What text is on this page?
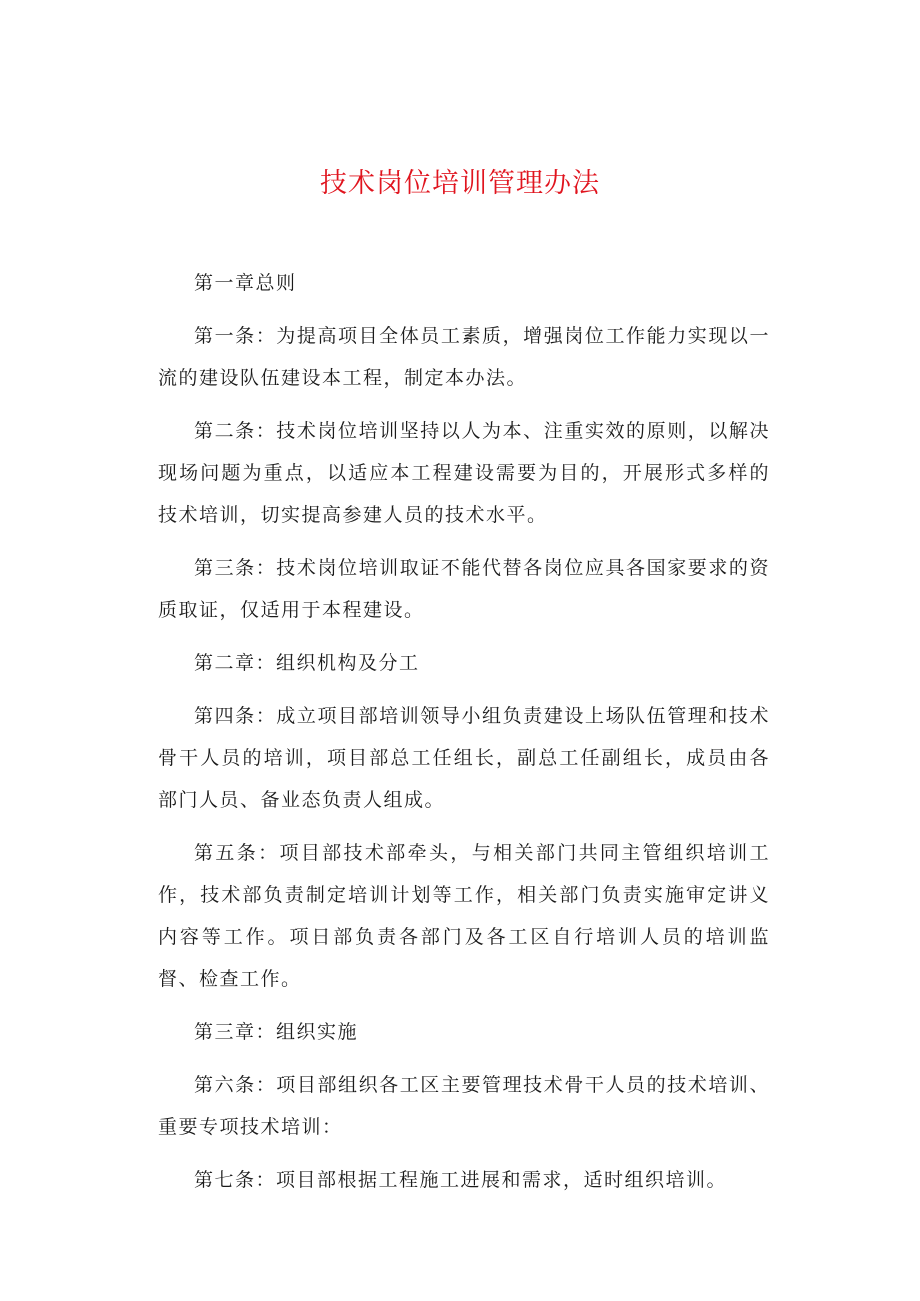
技术岗位培训管理办法

第一章总则

第一条：为提高项目全体员工素质，增强岗位工作能力实现以一流的建设队伍建设本工程，制定本办法。

第二条：技术岗位培训坚持以人为本、注重实效的原则，以解决现场问题为重点，以适应本工程建设需要为目的，开展形式多样的技术培训，切实提高参建人员的技术水平。

第三条：技术岗位培训取证不能代替各岗位应具各国家要求的资质取证，仅适用于本程建设。

第二章：组织机构及分工

第四条：成立项目部培训领导小组负责建设上场队伍管理和技术骨干人员的培训，项目部总工任组长，副总工任副组长，成员由各部门人员、备业态负责人组成。

第五条：项目部技术部牵头，与相关部门共同主管组织培训工作，技术部负责制定培训计划等工作，相关部门负责实施审定讲义内容等工作。项日部负责各部门及各工区自行培训人员的培训监督、检查工作。

第三章：组织实施

第六条：项目部组织各工区主要管理技术骨干人员的技术培训、重要专项技术培训：

第七条：项目部根据工程施工进展和需求，适时组织培训。
